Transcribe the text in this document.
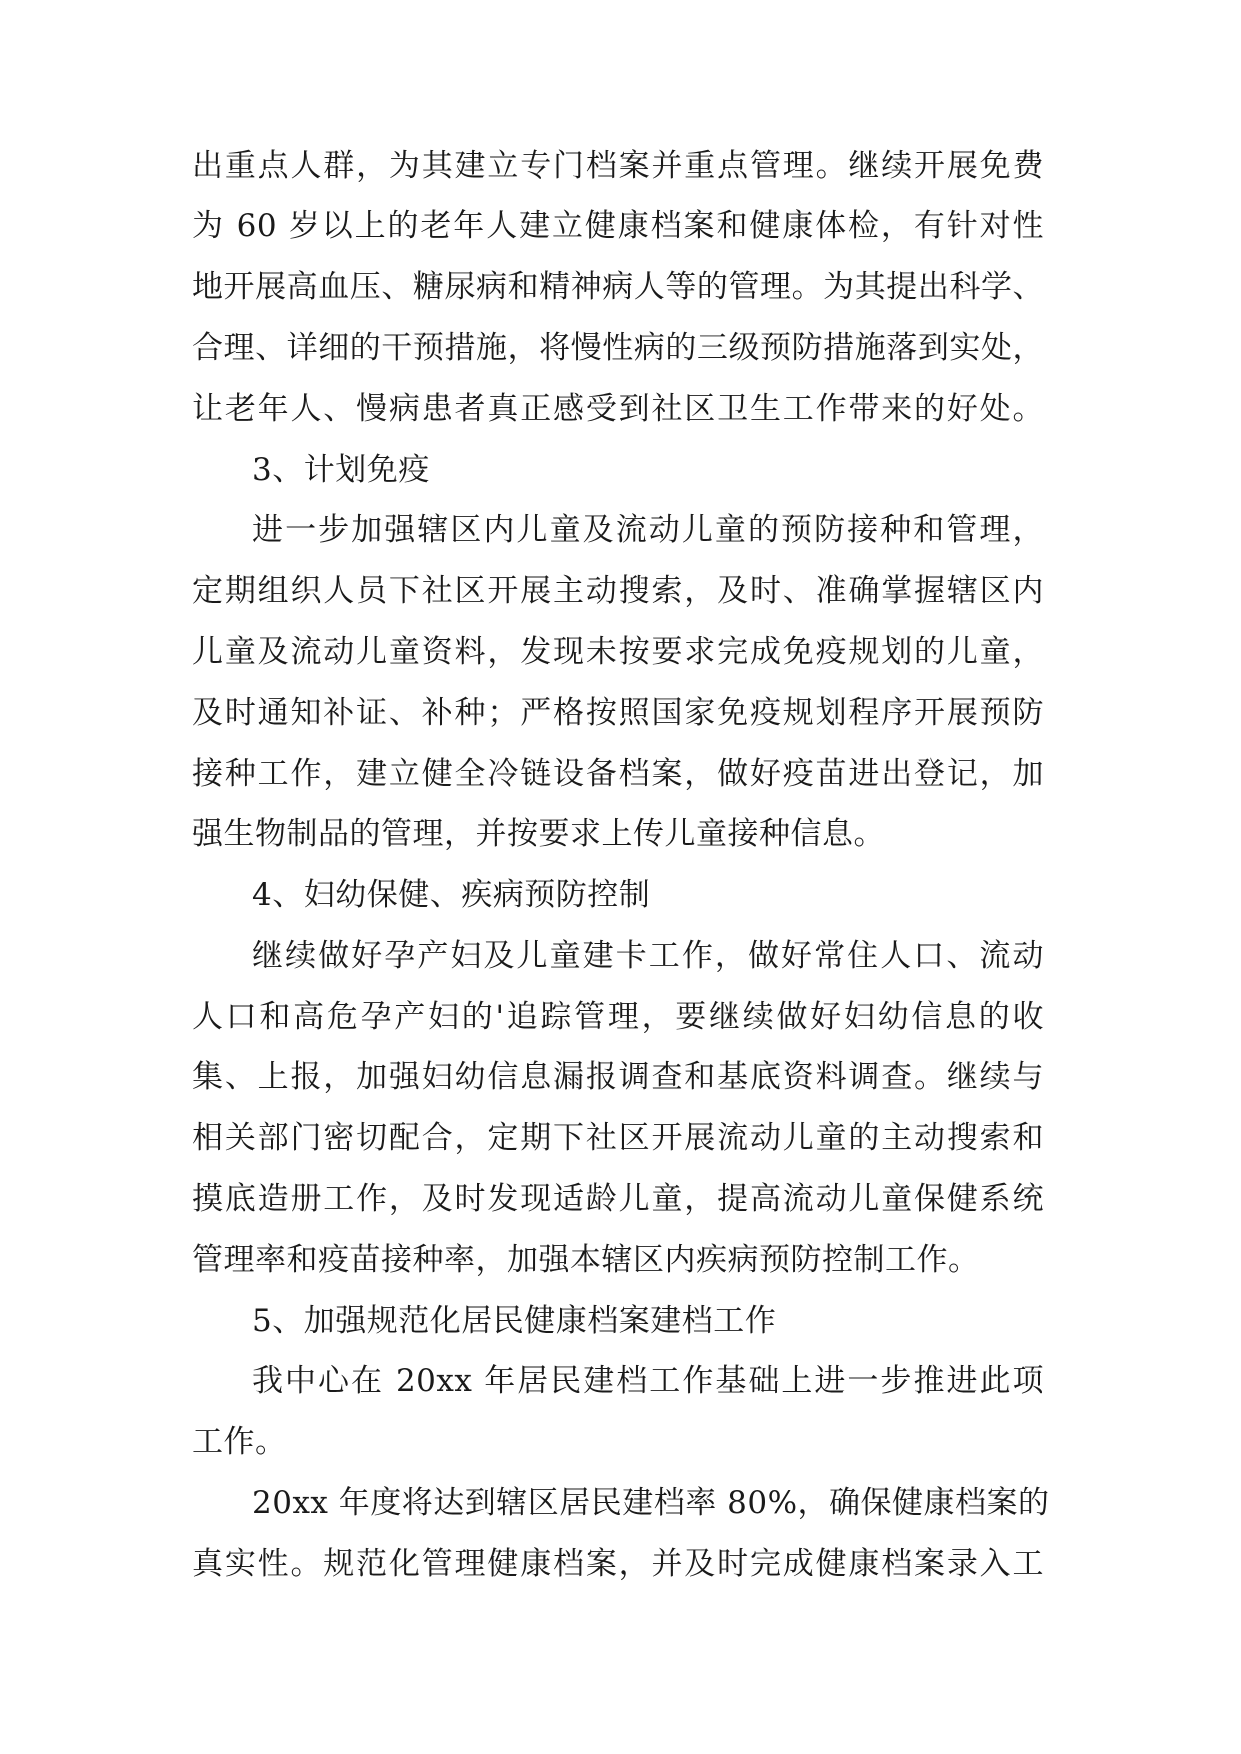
出重点人群，为其建立专门档案并重点管理。继续开展免费
为 60 岁以上的老年人建立健康档案和健康体检，有针对性
地开展高血压、糖尿病和精神病人等的管理。为其提出科学、
合理、详细的干预措施，将慢性病的三级预防措施落到实处，
让老年人、慢病患者真正感受到社区卫生工作带来的好处。
3、计划免疫
进一步加强辖区内儿童及流动儿童的预防接种和管理，
定期组织人员下社区开展主动搜索，及时、准确掌握辖区内
儿童及流动儿童资料，发现未按要求完成免疫规划的儿童，
及时通知补证、补种；严格按照国家免疫规划程序开展预防
接种工作，建立健全冷链设备档案，做好疫苗进出登记，加
强生物制品的管理，并按要求上传儿童接种信息。
4、妇幼保健、疾病预防控制
继续做好孕产妇及儿童建卡工作，做好常住人口、流动
人口和高危孕产妇的'追踪管理，要继续做好妇幼信息的收
集、上报，加强妇幼信息漏报调查和基底资料调查。继续与
相关部门密切配合，定期下社区开展流动儿童的主动搜索和
摸底造册工作，及时发现适龄儿童，提高流动儿童保健系统
管理率和疫苗接种率，加强本辖区内疾病预防控制工作。
5、加强规范化居民健康档案建档工作
我中心在 20xx 年居民建档工作基础上进一步推进此项
工作。
20xx 年度将达到辖区居民建档率 80%，确保健康档案的
真实性。规范化管理健康档案，并及时完成健康档案录入工
